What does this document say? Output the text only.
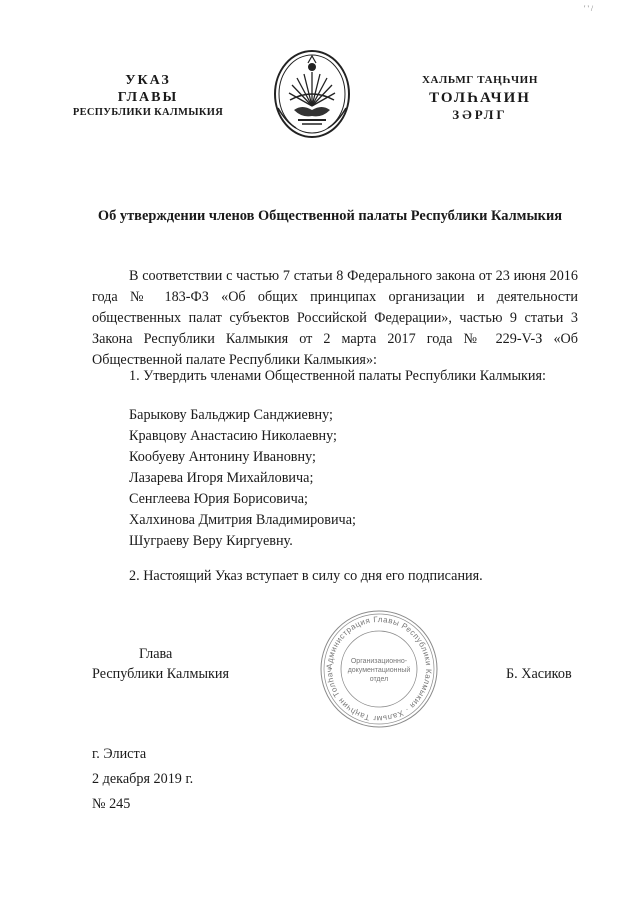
' ' /
УКАЗ
ГЛАВЫ
РЕСПУБЛИКИ КАЛМЫКИЯ
ХАЛЬМГ ТАҢҺЧИН
ТОЛҺАЧИН
ЗӘРЛГ
Об утверждении членов Общественной палаты Республики Калмыкия
В соответствии с частью 7 статьи 8 Федерального закона от 23 июня 2016 года № 183-ФЗ «Об общих принципах организации и деятельности общественных палат субъектов Российской Федерации», частью 9 статьи 3 Закона Республики Калмыкия от 2 марта 2017 года № 229-V-З «Об Общественной палате Республики Калмыкия»:
1. Утвердить членами Общественной палаты Республики Калмыкия:
Барыкову Бальджир Санджиевну;
Кравцову Анастасию Николаевну;
Кообуеву Антонину Ивановну;
Лазарева Игоря Михайловича;
Сенглеева Юрия Борисовича;
Халхинова Дмитрия Владимировича;
Шуграеву Веру Киргуевну.
2. Настоящий Указ вступает в силу со дня его подписания.
Глава
Республики Калмыкия	Б. Хасиков
Администрация Главы Республики Калмыкия · Хальмг Таңһчин Толһач
Организационно-
документационный
отдел
г. Элиста
2 декабря 2019 г.
№ 245
